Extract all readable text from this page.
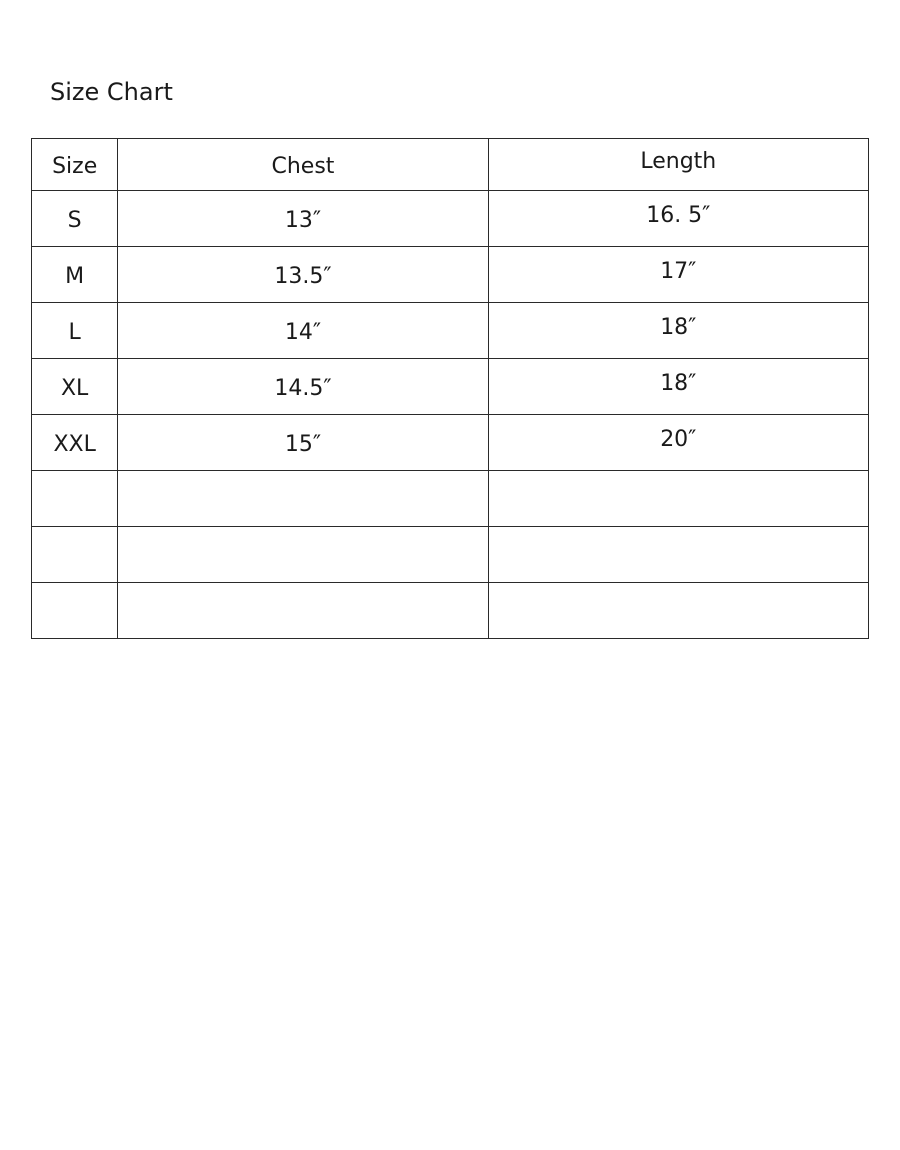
Size Chart
Size	Chest	Length

S	13″	16. 5″

M	13.5″	17″

L	14″	18″

XL	14.5″	18″

XXL	15″	20″
